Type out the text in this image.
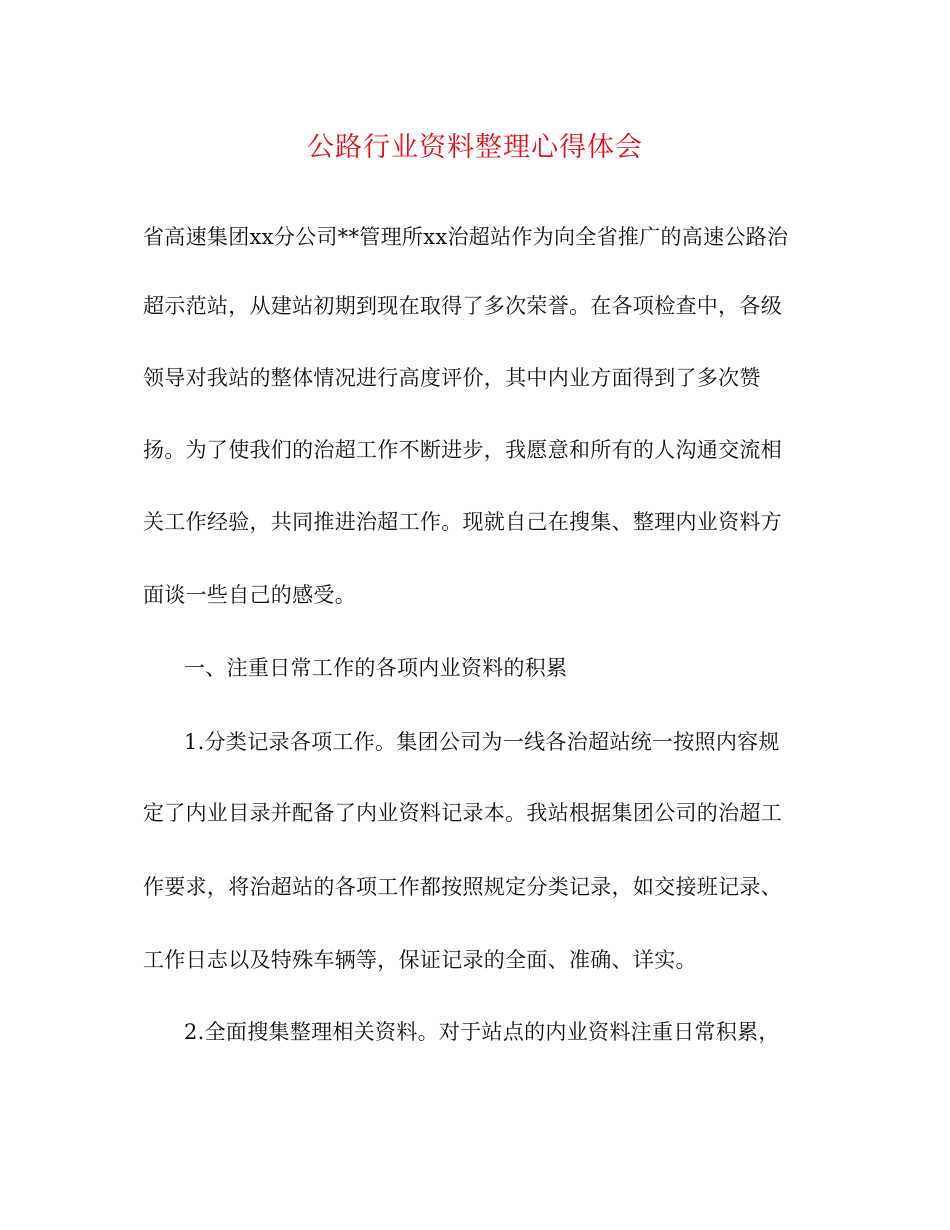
公路行业资料整理心得体会
省高速集团xx分公司**管理所xx治超站作为向全省推广的高速公路治
超示范站，从建站初期到现在取得了多次荣誉。在各项检查中，各级
领导对我站的整体情况进行高度评价，其中内业方面得到了多次赞
扬。为了使我们的治超工作不断进步，我愿意和所有的人沟通交流相
关工作经验，共同推进治超工作。现就自己在搜集、整理内业资料方
面谈一些自己的感受。
一、注重日常工作的各项内业资料的积累
1.分类记录各项工作。集团公司为一线各治超站统一按照内容规
定了内业目录并配备了内业资料记录本。我站根据集团公司的治超工
作要求，将治超站的各项工作都按照规定分类记录，如交接班记录、
工作日志以及特殊车辆等，保证记录的全面、准确、详实。
2.全面搜集整理相关资料。对于站点的内业资料注重日常积累，
